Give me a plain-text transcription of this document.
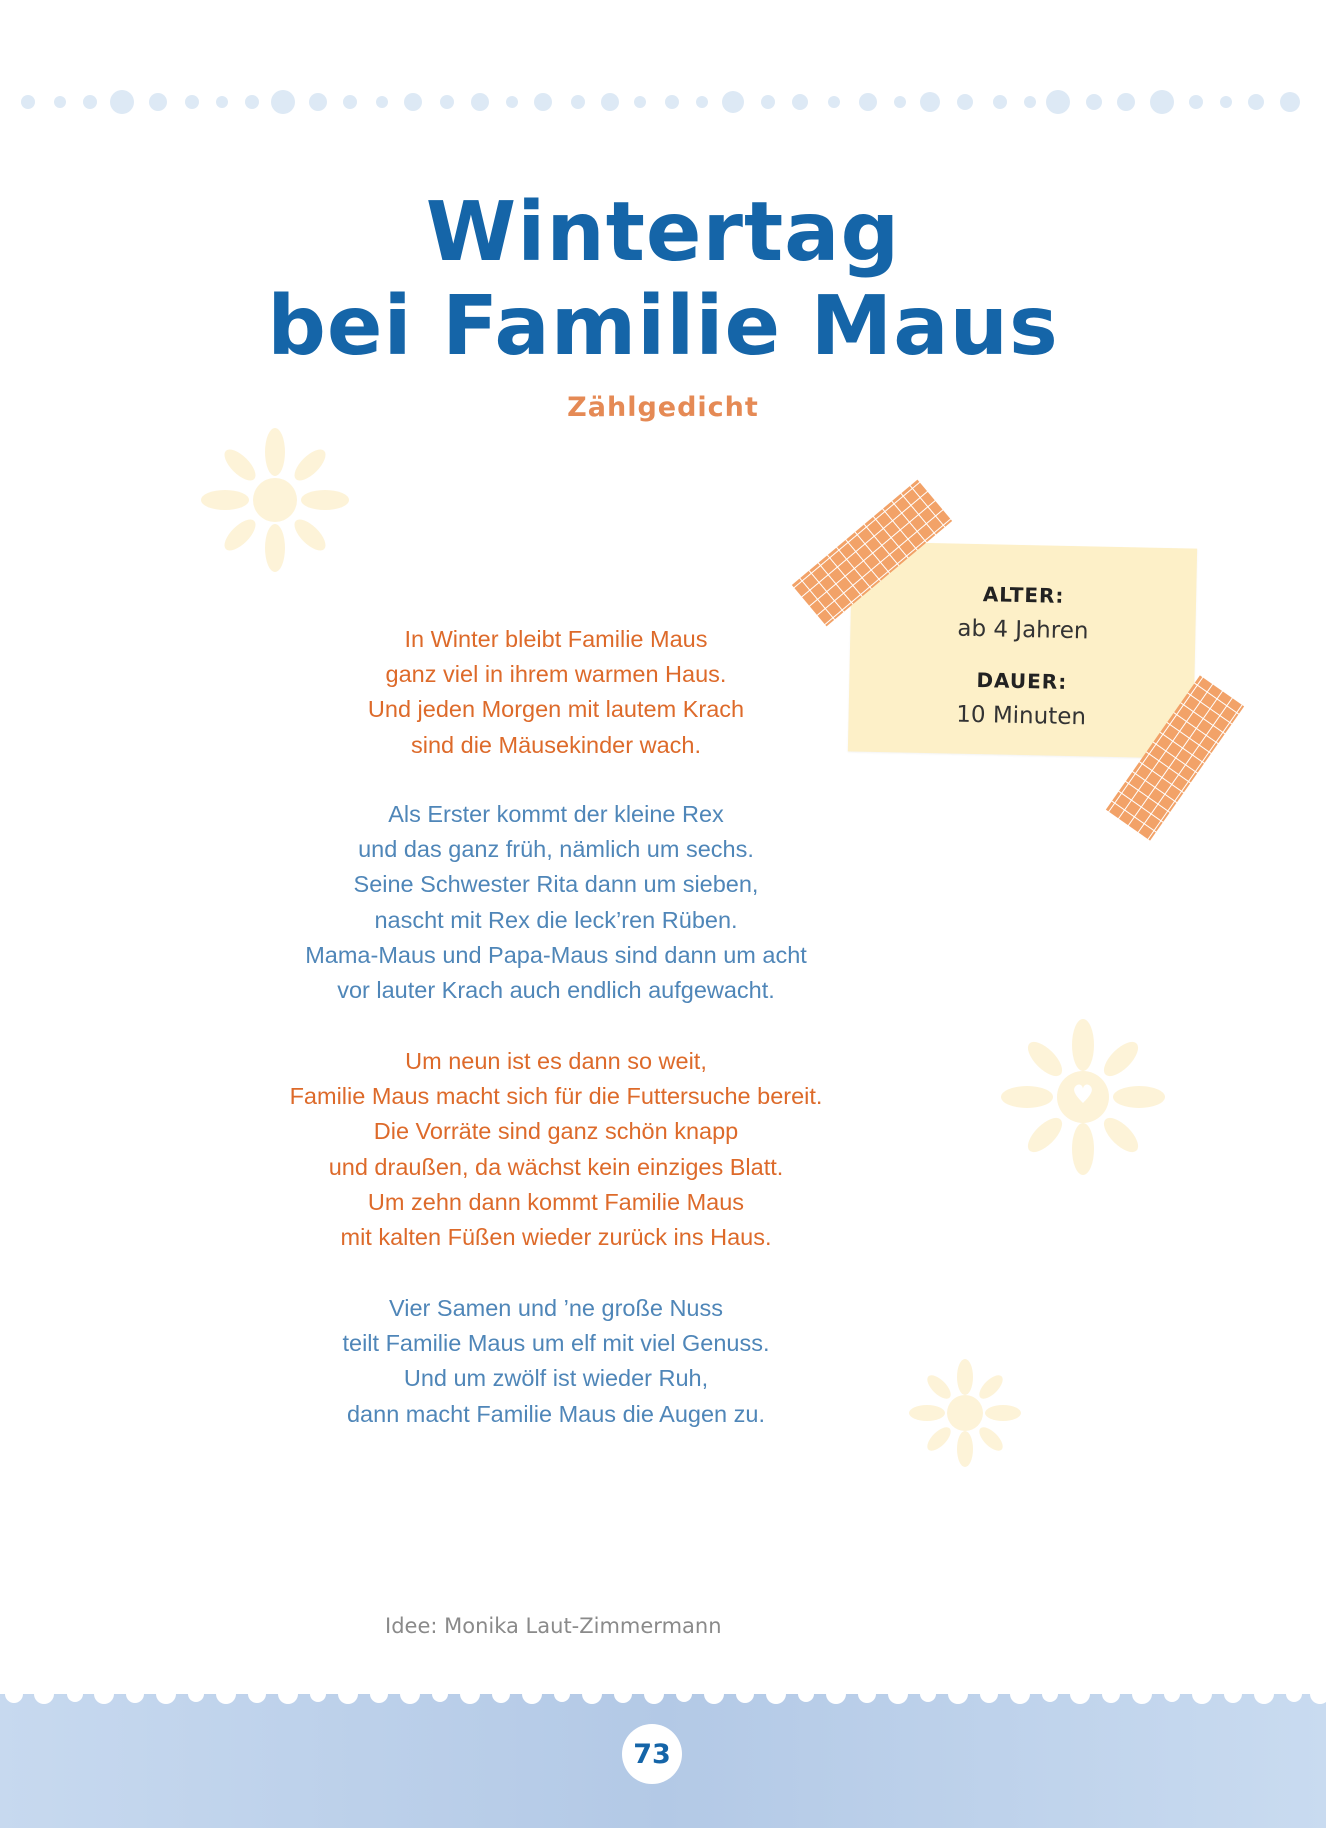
Wintertag
bei Familie Maus
Zählgedicht
ALTER:
ab 4 Jahren
DAUER:
10 Minuten
In Winter bleibt Familie Maus
ganz viel in ihrem warmen Haus.
Und jeden Morgen mit lautem Krach
sind die Mäusekinder wach.
Als Erster kommt der kleine Rex
und das ganz früh, nämlich um sechs.
Seine Schwester Rita dann um sieben,
nascht mit Rex die leck’ren Rüben.
Mama-Maus und Papa-Maus sind dann um acht
vor lauter Krach auch endlich aufgewacht.
Um neun ist es dann so weit,
Familie Maus macht sich für die Futtersuche bereit.
Die Vorräte sind ganz schön knapp
und draußen, da wächst kein einziges Blatt.
Um zehn dann kommt Familie Maus
mit kalten Füßen wieder zurück ins Haus.
Vier Samen und ’ne große Nuss
teilt Familie Maus um elf mit viel Genuss.
Und um zwölf ist wieder Ruh,
dann macht Familie Maus die Augen zu.
Idee: Monika Laut-Zimmermann
73
